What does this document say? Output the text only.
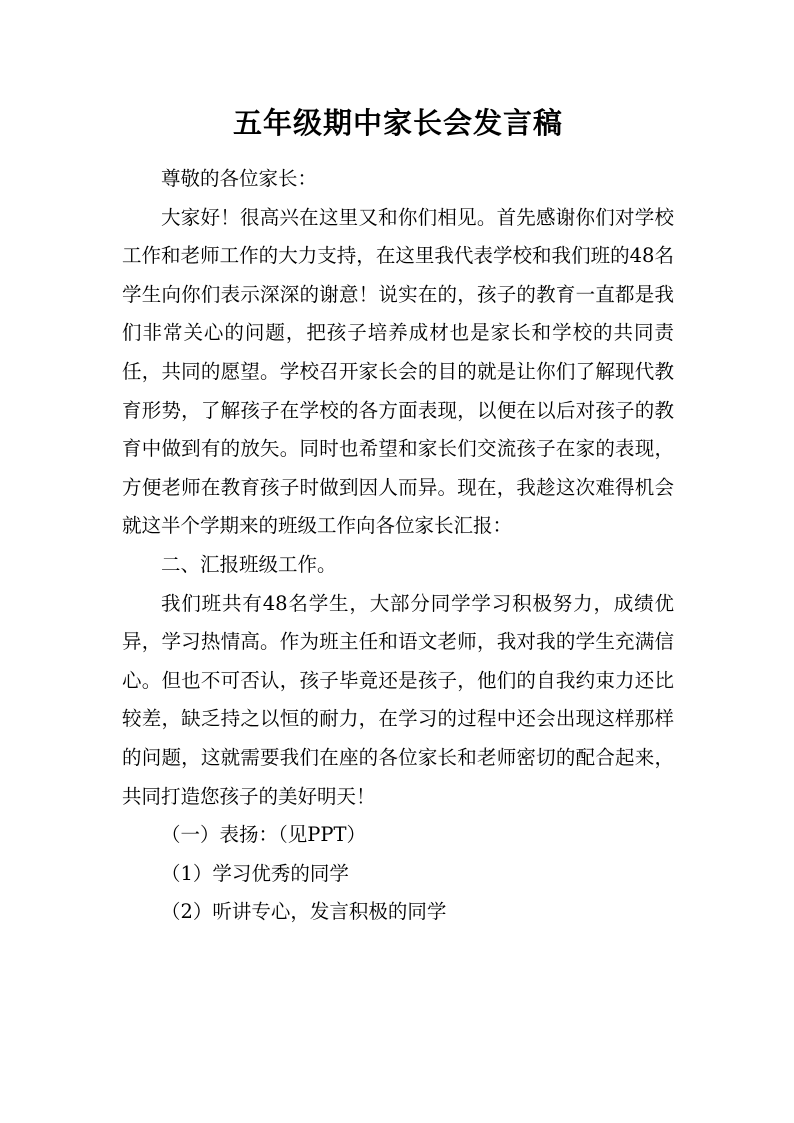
五年级期中家长会发言稿

尊敬的各位家长：

大家好！很高兴在这里又和你们相见。首先感谢你们对学校工作和老师工作的大力支持，在这里我代表学校和我们班的48名学生向你们表示深深的谢意！说实在的，孩子的教育一直都是我们非常关心的问题，把孩子培养成材也是家长和学校的共同责任，共同的愿望。学校召开家长会的目的就是让你们了解现代教育形势，了解孩子在学校的各方面表现，以便在以后对孩子的教育中做到有的放矢。同时也希望和家长们交流孩子在家的表现，方便老师在教育孩子时做到因人而异。现在，我趁这次难得机会就这半个学期来的班级工作向各位家长汇报：

二、汇报班级工作。

我们班共有48名学生，大部分同学学习积极努力，成绩优异，学习热情高。作为班主任和语文老师，我对我的学生充满信心。但也不可否认，孩子毕竟还是孩子，他们的自我约束力还比较差，缺乏持之以恒的耐力，在学习的过程中还会出现这样那样的问题，这就需要我们在座的各位家长和老师密切的配合起来，共同打造您孩子的美好明天！

（一）表扬：（见PPT）

（1）学习优秀的同学

（2）听讲专心，发言积极的同学
